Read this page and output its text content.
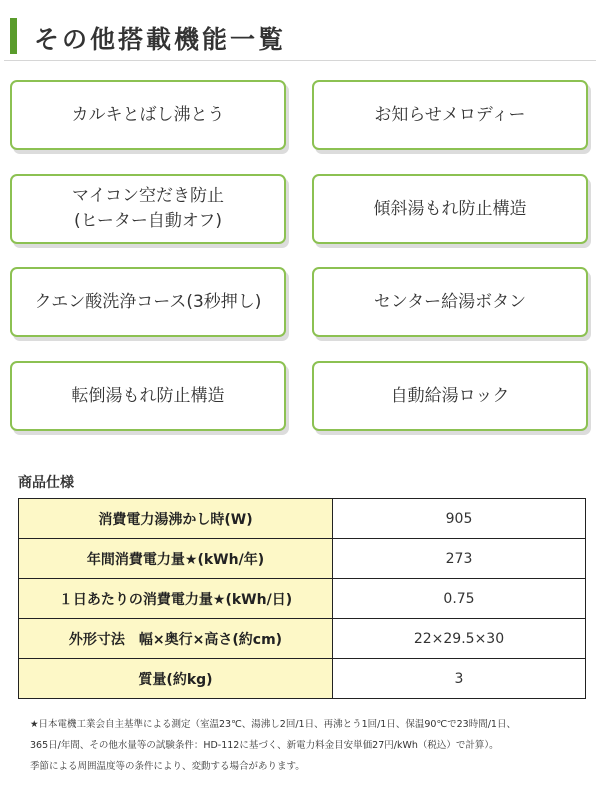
その他搭載機能一覧
カルキとばし沸とう	お知らせメロディー
マイコン空だき防止
(ヒーター自動オフ)
傾斜湯もれ防止構造
クエン酸洗浄コース(3秒押し)	センター給湯ボタン
転倒湯もれ防止構造	自動給湯ロック
商品仕様
消費電力湯沸かし時(W)	905
年間消費電力量★(kWh/年)	273
１日あたりの消費電力量★(kWh/日)	0.75
外形寸法　幅×奥行×高さ(約cm)	22×29.5×30
質量(約kg)	3
★日本電機工業会自主基準による測定（室温23℃、湯沸し2回/1日、再沸とう1回/1日、保温90℃で23時間/1日、
365日/年間、その他水量等の試験条件：HD-112に基づく、新電力料金目安単価27円/kWh（税込）で計算）。
季節による周囲温度等の条件により、変動する場合があります。
